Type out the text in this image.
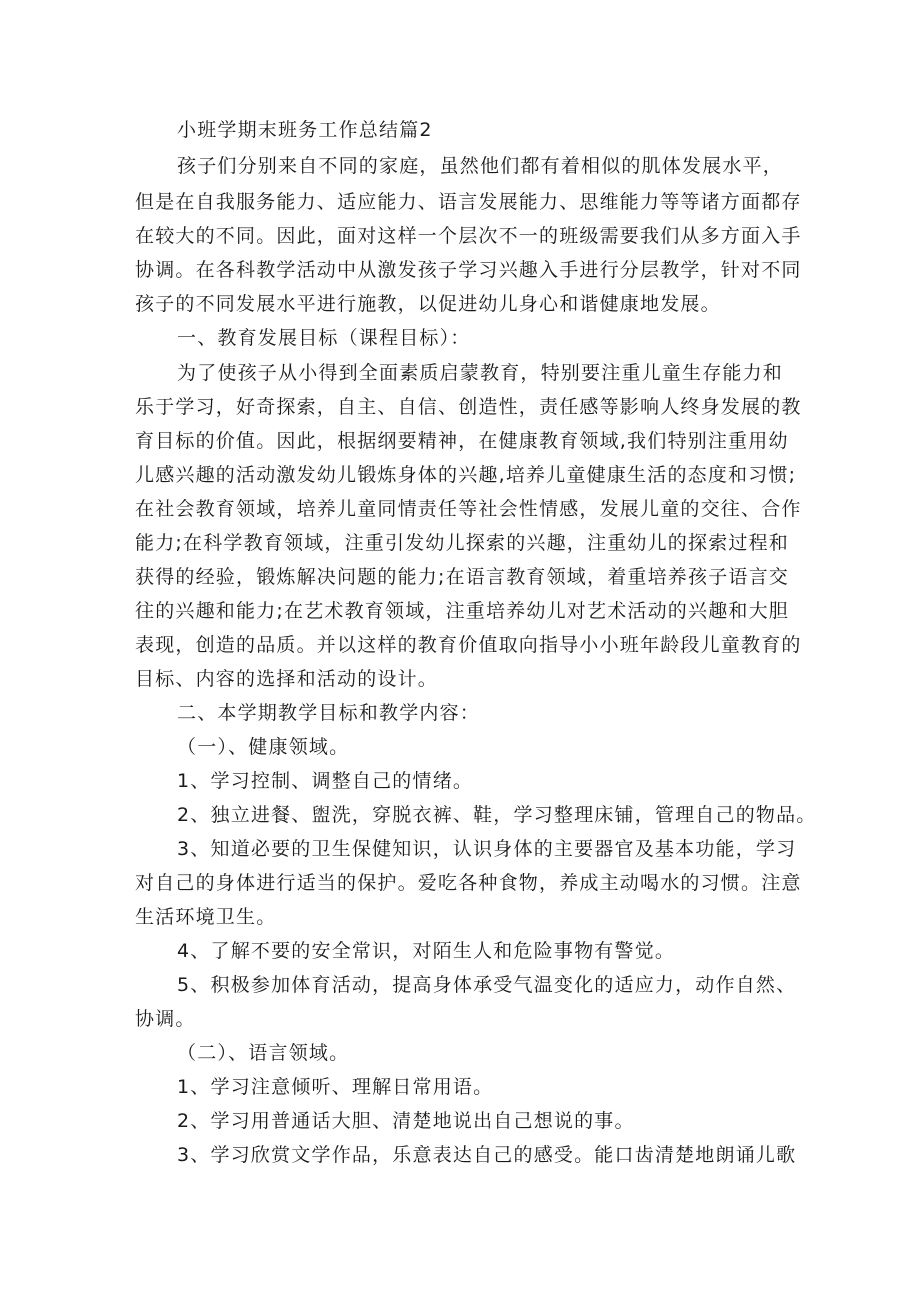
小班学期末班务工作总结篇2
孩子们分别来自不同的家庭，虽然他们都有着相似的肌体发展水平，
但是在自我服务能力、适应能力、语言发展能力、思维能力等等诸方面都存
在较大的不同。因此，面对这样一个层次不一的班级需要我们从多方面入手
协调。在各科教学活动中从激发孩子学习兴趣入手进行分层教学，针对不同
孩子的不同发展水平进行施教，以促进幼儿身心和谐健康地发展。
一、教育发展目标（课程目标）：
为了使孩子从小得到全面素质启蒙教育，特别要注重儿童生存能力和
乐于学习，好奇探索，自主、自信、创造性，责任感等影响人终身发展的教
育目标的价值。因此，根据纲要精神，在健康教育领域,我们特别注重用幼
儿感兴趣的活动激发幼儿锻炼身体的兴趣,培养儿童健康生活的态度和习惯;
在社会教育领域，培养儿童同情责任等社会性情感，发展儿童的交往、合作
能力;在科学教育领域，注重引发幼儿探索的兴趣，注重幼儿的探索过程和
获得的经验，锻炼解决问题的能力;在语言教育领域，着重培养孩子语言交
往的兴趣和能力;在艺术教育领域，注重培养幼儿对艺术活动的兴趣和大胆
表现，创造的品质。并以这样的教育价值取向指导小小班年龄段儿童教育的
目标、内容的选择和活动的设计。
二、本学期教学目标和教学内容：
（一）、健康领域。
1、学习控制、调整自己的情绪。
2、独立进餐、盥洗，穿脱衣裤、鞋，学习整理床铺，管理自己的物品。
3、知道必要的卫生保健知识，认识身体的主要器官及基本功能，学习
对自己的身体进行适当的保护。爱吃各种食物，养成主动喝水的习惯。注意
生活环境卫生。
4、了解不要的安全常识，对陌生人和危险事物有警觉。
5、积极参加体育活动，提高身体承受气温变化的适应力，动作自然、
协调。
（二）、语言领域。
1、学习注意倾听、理解日常用语。
2、学习用普通话大胆、清楚地说出自己想说的事。
3、学习欣赏文学作品，乐意表达自己的感受。能口齿清楚地朗诵儿歌
